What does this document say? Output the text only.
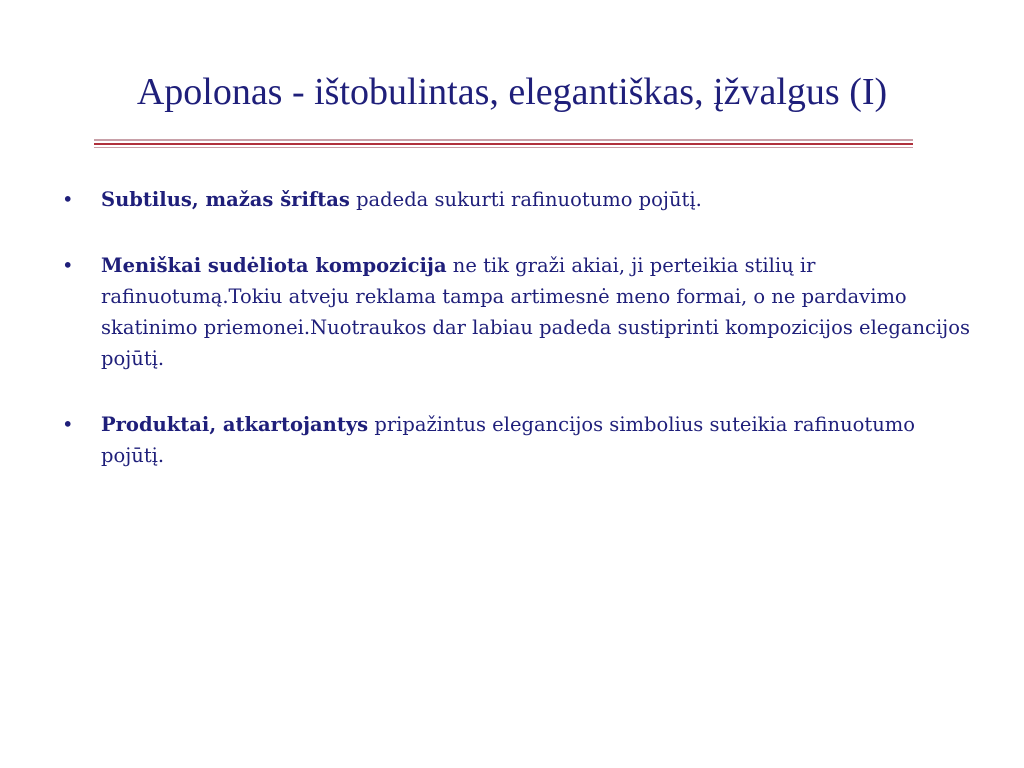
Apolonas - ištobulintas, elegantiškas, įžvalgus (I)
• Subtilus, mažas šriftas padeda sukurti rafinuotumo pojūtį.
• Meniškai sudėliota kompozicija ne tik graži akiai, ji perteikia stilių ir rafinuotumą.Tokiu atveju reklama tampa artimesnė meno formai, o ne pardavimo skatinimo priemonei.Nuotraukos dar labiau padeda sustiprinti kompozicijos elegancijos pojūtį.
• Produktai, atkartojantys pripažintus elegancijos simbolius suteikia rafinuotumo pojūtį.
